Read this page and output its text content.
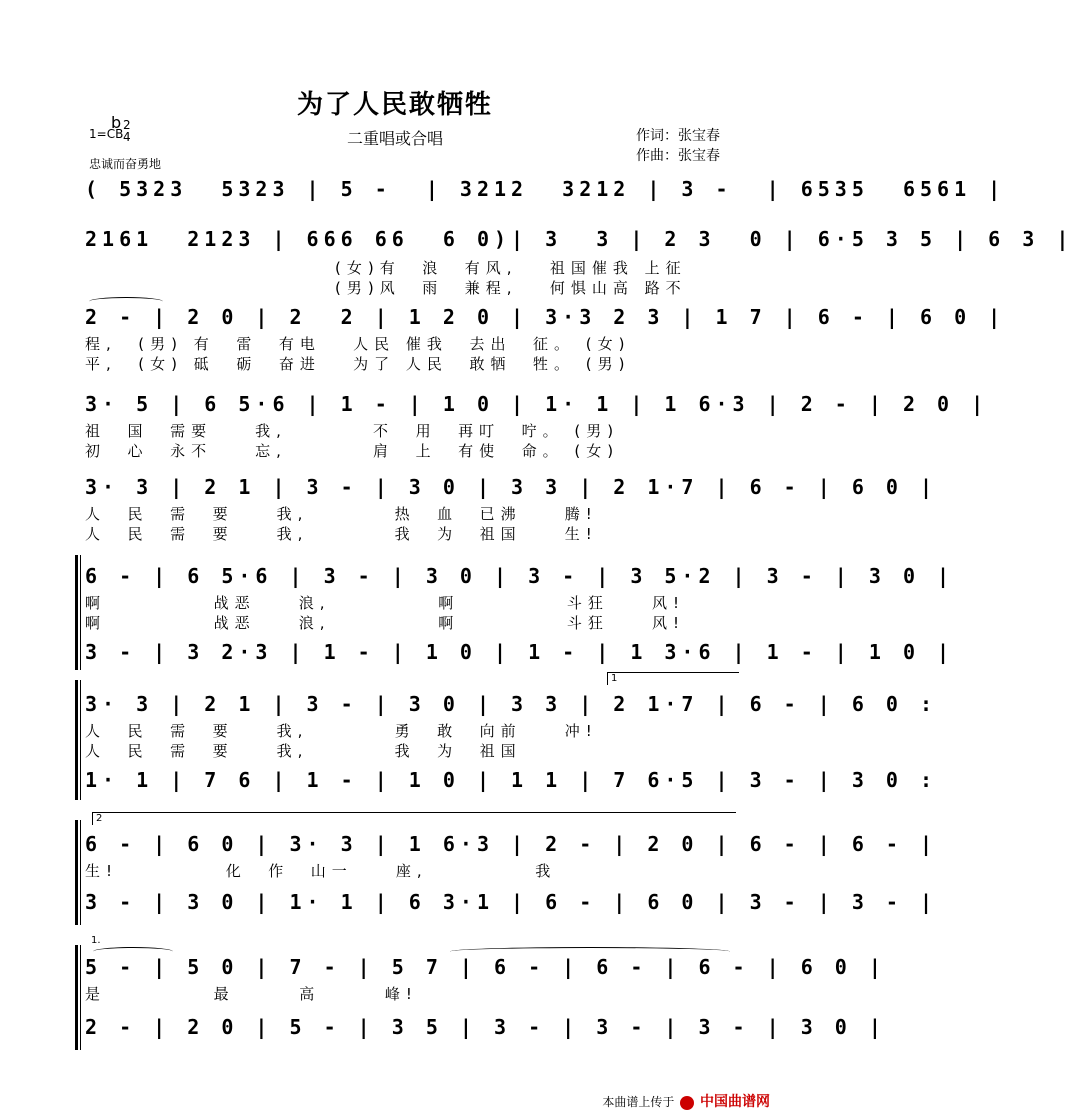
为了人民敢牺牲
二重唱或合唱
1=CB
b 2
4
忠诚而奋勇地
作词：张宝春
作曲：张宝春
( 5323  5323 | 5 -  | 3212  3212 | 3 -  | 6535  6561 |
2161  2123 | 666 66  6 0)| 3  3 | 2 3  0 | 6·5 3 5 | 6 3 |
(女)有  浪  有风,   祖国催我 上征
(男)风  雨  兼程,   何惧山高 路不
2 - | 2 0 | 2  2 | 1 2 0 | 3·3 2 3 | 1 7 | 6 - | 6 0 |
程,  (男) 有  雷  有电   人民 催我  去出  征。 (女)
平,  (女) 砥  砺  奋进   为了 人民  敢牺  牲。 (男)
3· 5 | 6 5·6 | 1 - | 1 0 | 1· 1 | 1 6·3 | 2 - | 2 0 |
祖  国  需要    我,        不  用  再叮  咛。 (男)
初  心  永不    忘,        肩  上  有使  命。 (女)
3· 3 | 2 1 | 3 - | 3 0 | 3 3 | 2 1·7 | 6 - | 6 0 |
人  民  需  要    我,        热  血  已沸    腾!
人  民  需  要    我,        我  为  祖国    生!
6 - | 6 5·6 | 3 - | 3 0 | 3 - | 3 5·2 | 3 - | 3 0 |
啊          战恶    浪,          啊          斗狂    风!
啊          战恶    浪,          啊          斗狂    风!
3 - | 3 2·3 | 1 - | 1 0 | 1 - | 1 3·6 | 1 - | 1 0 |
1
3· 3 | 2 1 | 3 - | 3 0 | 3 3 | 2 1·7 | 6 - | 6 0 :
人  民  需  要    我,        勇  敢  向前    冲!
人  民  需  要    我,        我  为  祖国
1· 1 | 7 6 | 1 - | 1 0 | 1 1 | 7 6·5 | 3 - | 3 0 :
2
6 - | 6 0 | 3· 3 | 1 6·3 | 2 - | 2 0 | 6 - | 6 - |
生!          化  作  山一    座,          我
3 - | 3 0 | 1· 1 | 6 3·1 | 6 - | 6 0 | 3 - | 3 - |
1.
5 - | 5 0 | 7 - | 5 7 | 6 - | 6 - | 6 - | 6 0 |
是          最      高      峰!
2 - | 2 0 | 5 - | 3 5 | 3 - | 3 - | 3 - | 3 0 |
本曲谱上传于 中国曲谱网
